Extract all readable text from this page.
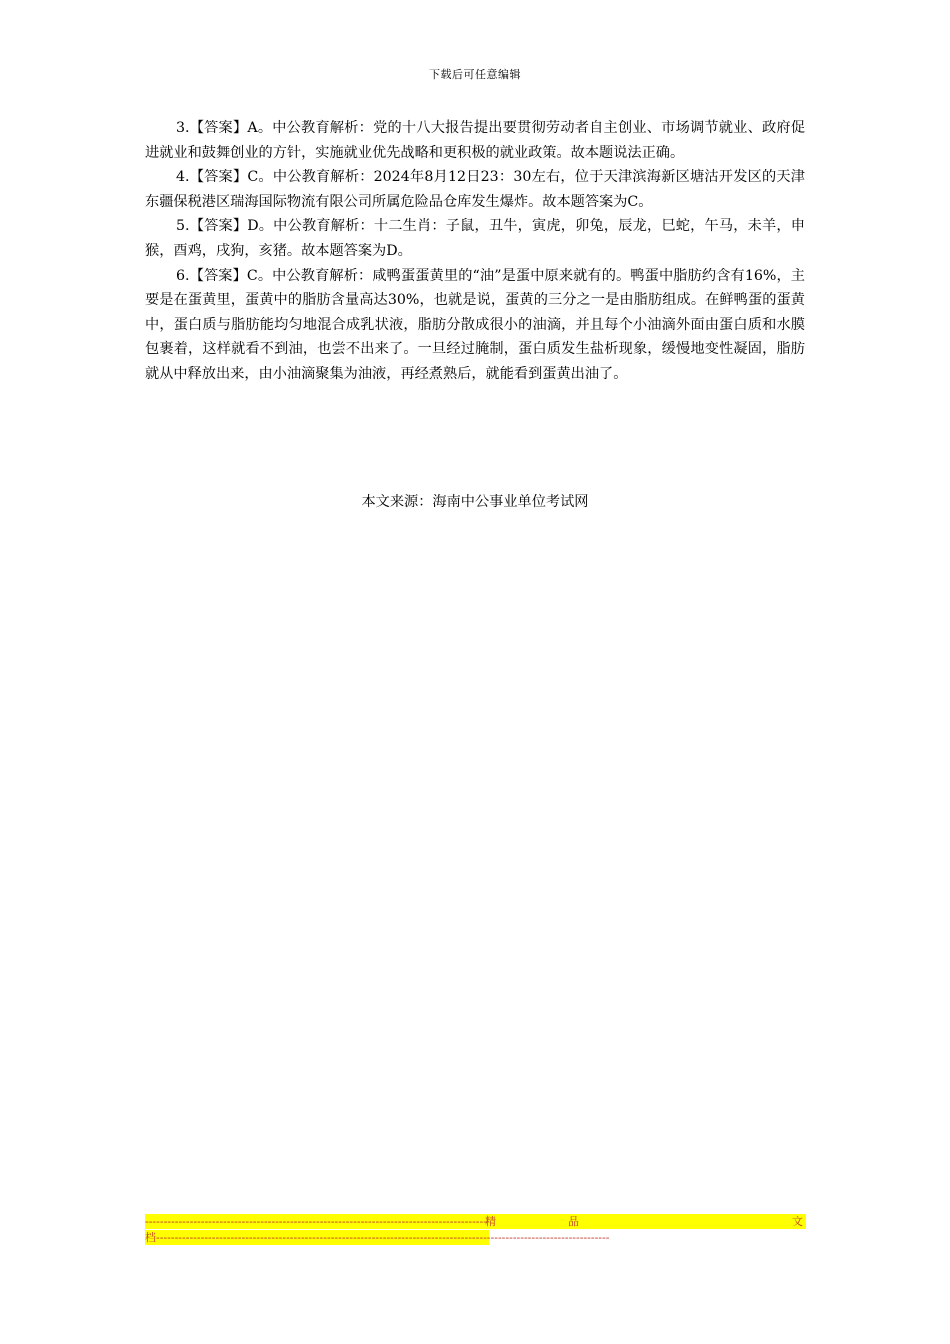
下载后可任意编辑

3.【答案】A。中公教育解析：党的十八大报告提出要贯彻劳动者自主创业、市场调节就业、政府促进就业和鼓舞创业的方针，实施就业优先战略和更积极的就业政策。故本题说法正确。

4.【答案】C。中公教育解析：2024年8月12日23：30左右，位于天津滨海新区塘沽开发区的天津东疆保税港区瑞海国际物流有限公司所属危险品仓库发生爆炸。故本题答案为C。

5.【答案】D。中公教育解析：十二生肖：子鼠，丑牛，寅虎，卯兔，辰龙，巳蛇，午马，未羊，申猴，酉鸡，戌狗，亥猪。故本题答案为D。

6.【答案】C。中公教育解析：咸鸭蛋蛋黄里的“油”是蛋中原来就有的。鸭蛋中脂肪约含有16%，主要是在蛋黄里，蛋黄中的脂肪含量高达30%，也就是说，蛋黄的三分之一是由脂肪组成。在鲜鸭蛋的蛋黄中，蛋白质与脂肪能均匀地混合成乳状液，脂肪分散成很小的油滴，并且每个小油滴外面由蛋白质和水膜包裹着，这样就看不到油，也尝不出来了。一旦经过腌制，蛋白质发生盐析现象，缓慢地变性凝固，脂肪就从中释放出来，由小油滴聚集为油液，再经煮熟后，就能看到蛋黄出油了。

本文来源：海南中公事业单位考试网
--------------------------------------------------------------------------------------------
精	品	文
档--------------------------------------------------------------------------------------------------------------------------
